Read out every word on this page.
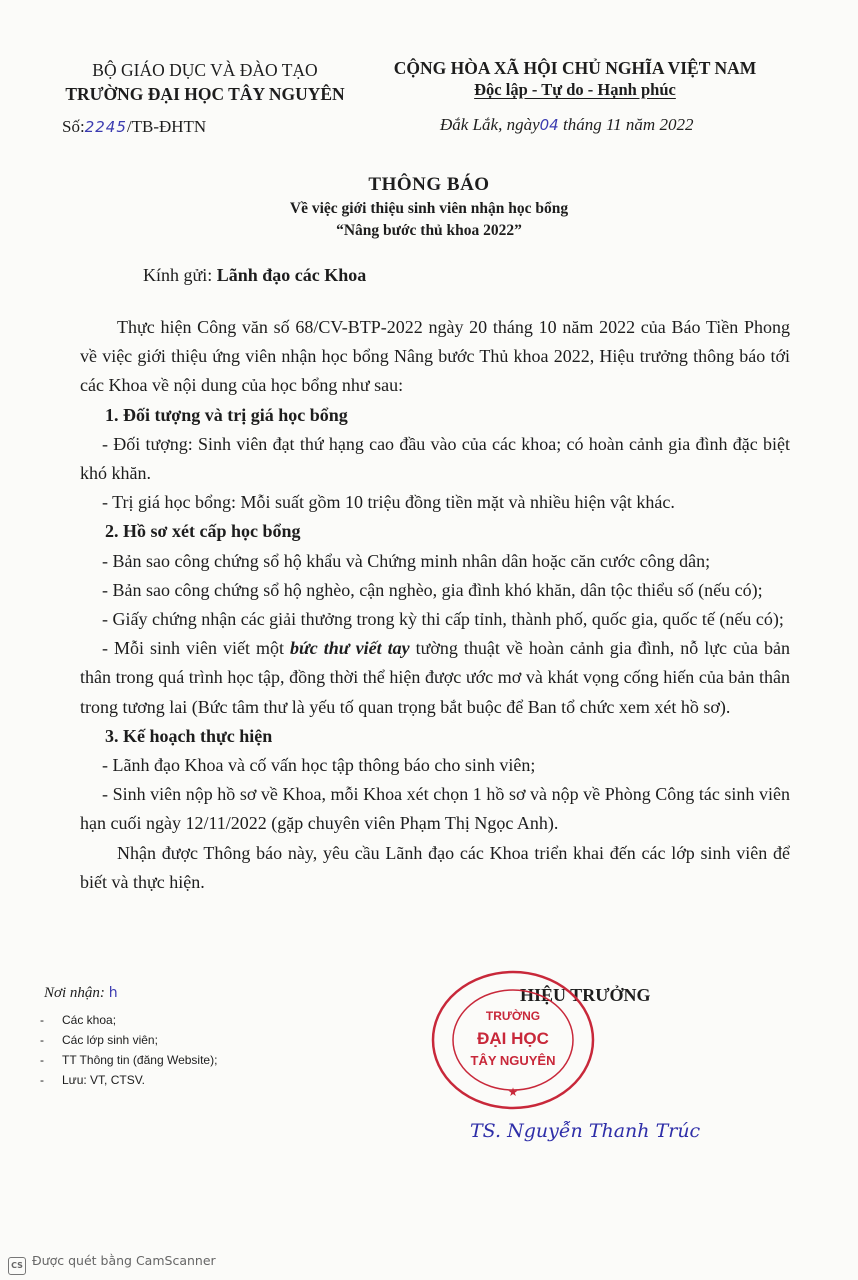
BỘ GIÁO DỤC VÀ ĐÀO TẠO
TRƯỜNG ĐẠI HỌC TÂY NGUYÊN
CỘNG HÒA XÃ HỘI CHỦ NGHĨA VIỆT NAM
Độc lập - Tự do - Hạnh phúc
Số:2245/TB-ĐHTN	Đắk Lắk, ngày04 tháng 11 năm 2022
THÔNG BÁO
Về việc giới thiệu sinh viên nhận học bổng
“Nâng bước thủ khoa 2022”
Kính gửi: Lãnh đạo các Khoa

Thực hiện Công văn số 68/CV-BTP-2022 ngày 20 tháng 10 năm 2022 của Báo Tiền Phong về việc giới thiệu ứng viên nhận học bổng Nâng bước Thủ khoa 2022, Hiệu trưởng thông báo tới các Khoa về nội dung của học bổng như sau:

1. Đối tượng và trị giá học bổng

- Đối tượng: Sinh viên đạt thứ hạng cao đầu vào của các khoa; có hoàn cảnh gia đình đặc biệt khó khăn.

- Trị giá học bổng: Mỗi suất gồm 10 triệu đồng tiền mặt và nhiều hiện vật khác.

2. Hồ sơ xét cấp học bổng

- Bản sao công chứng sổ hộ khẩu và Chứng minh nhân dân hoặc căn cước công dân;

- Bản sao công chứng sổ hộ nghèo, cận nghèo, gia đình khó khăn, dân tộc thiểu số (nếu có);

- Giấy chứng nhận các giải thưởng trong kỳ thi cấp tỉnh, thành phố, quốc gia, quốc tế (nếu có);

- Mỗi sinh viên viết một bức thư viết tay tường thuật về hoàn cảnh gia đình, nỗ lực của bản thân trong quá trình học tập, đồng thời thể hiện được ước mơ và khát vọng cống hiến của bản thân trong tương lai (Bức tâm thư là yếu tố quan trọng bắt buộc để Ban tổ chức xem xét hồ sơ).

3. Kế hoạch thực hiện

- Lãnh đạo Khoa và cố vấn học tập thông báo cho sinh viên;

- Sinh viên nộp hồ sơ về Khoa, mỗi Khoa xét chọn 1 hồ sơ và nộp về Phòng Công tác sinh viên hạn cuối ngày 12/11/2022 (gặp chuyên viên Phạm Thị Ngọc Anh).

Nhận được Thông báo này, yêu cầu Lãnh đạo các Khoa triển khai đến các lớp sinh viên để biết và thực hiện.

Nơi nhận: h
- Các khoa;
- Các lớp sinh viên;
- TT Thông tin (đăng Website);
- Lưu: VT, CTSV.
HIỆU TRƯỞNG
TRƯỜNG
ĐẠI HỌC
TÂY NGUYÊN
★
TS. Nguyễn Thanh Trúc
CS Được quét bằng CamScanner
